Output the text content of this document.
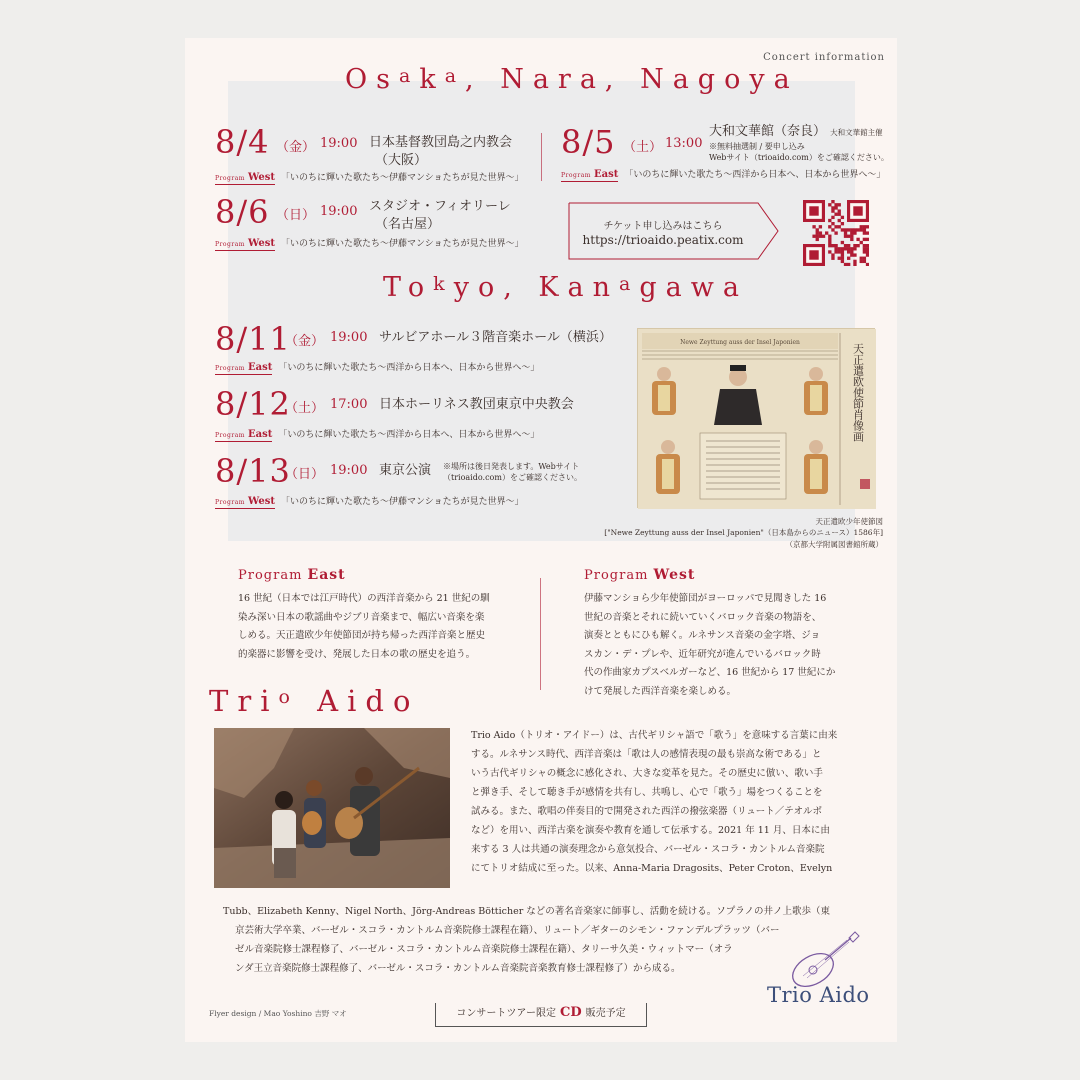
Concert information
$Os^ak^a$, Nara, Nagoya
8/4 （金） 19:00 日本基督教団島之内教会
（大阪）
Program West 「いのちに輝いた歌たち〜伊藤マンショたちが見た世界〜」
8/5 （土） 13:00
大和文華館（奈良） 大和文華館主催
※無料抽選制 / 要申し込み
Webサイト（trioaido.com）をご確認ください。
Program East 「いのちに輝いた歌たち〜西洋から日本へ、日本から世界へ〜」
8/6 （日） 19:00 スタジオ・フィオリーレ
（名古屋）
Program West 「いのちに輝いた歌たち〜伊藤マンショたちが見た世界〜」
チケット申し込みはこちら
https://trioaido.peatix.com
To$^k$yo, Kan$^a$gawa
8/11
（金） 19:00 サルビアホール３階音楽ホール（横浜）
Program East 「いのちに輝いた歌たち〜西洋から日本へ、日本から世界へ〜」
8/12
（土） 17:00 日本ホーリネス教団東京中央教会
Program East 「いのちに輝いた歌たち〜西洋から日本へ、日本から世界へ〜」
8/13
（日） 19:00 東京公演 ※場所は後日発表します。Webサイト
（trioaido.com）をご確認ください。
Program West 「いのちに輝いた歌たち〜伊藤マンショたちが見た世界〜」
Newe Zeyttung auss der Insel Japonien
天正遣欧使節肖像画
天正遣欧少年使節図
["Newe Zeyttung auss der Insel Japonien"（日本島からのニュース）1586年]
（京都大学附属図書館所蔵）
Program East
16 世紀（日本では江戸時代）の西洋音楽から 21 世紀の馴
染み深い日本の歌謡曲やジブリ音楽まで、幅広い音楽を楽
しめる。天正遣欧少年使節団が持ち帰った西洋音楽と歴史
的楽器に影響を受け、発展した日本の歌の歴史を追う。
Program West
伊藤マンショら少年使節団がヨーロッパで見聞きした 16
世紀の音楽とそれに続いていくバロック音楽の物語を、
演奏とともにひも解く。ルネサンス音楽の金字塔、ジョ
スカン・デ・プレや、近年研究が進んでいるバロック時
代の作曲家カプスベルガーなど、16 世紀から 17 世紀にか
けて発展した西洋音楽を楽しめる。
Tri$^o$ Aido
Trio Aido（トリオ・アイドー）は、古代ギリシャ語で「歌う」を意味する言葉に由来
する。ルネサンス時代、西洋音楽は「歌は人の感情表現の最も崇高な術である」と
いう古代ギリシャの概念に感化され、大きな変革を見た。その歴史に倣い、歌い手
と弾き手、そして聴き手が感情を共有し、共鳴し、心で「歌う」場をつくることを
試みる。また、歌唱の伴奏目的で開発された西洋の撥弦楽器（リュート／テオルボ
など）を用い、西洋古楽を演奏や教育を通して伝承する。2021 年 11 月、日本に由
来する 3 人は共通の演奏理念から意気投合、バーゼル・スコラ・カントルム音楽院
にてトリオ結成に至った。以来、Anna-Maria Dragosits、Peter Croton、Evelyn
Tubb、Elizabeth Kenny、Nigel North、Jörg-Andreas Bötticher などの著名音楽家に師事し、活動を続ける。ソプラノの井ノ上歌歩（東
京芸術大学卒業、バーゼル・スコラ・カントルム音楽院修士課程在籍）、リュート／ギターのシモン・ファンデルプラッツ（バー
ゼル音楽院修士課程修了、バーゼル・スコラ・カントルム音楽院修士課程在籍）、タリーサ久美・ウィットマー（オラ
ンダ王立音楽院修士課程修了、バーゼル・スコラ・カントルム音楽院音楽教育修士課程修了）から成る。
Trio Aido
Flyer design / Mao Yoshino 吉野 マオ	コンサートツアー限定 CD 販売予定
